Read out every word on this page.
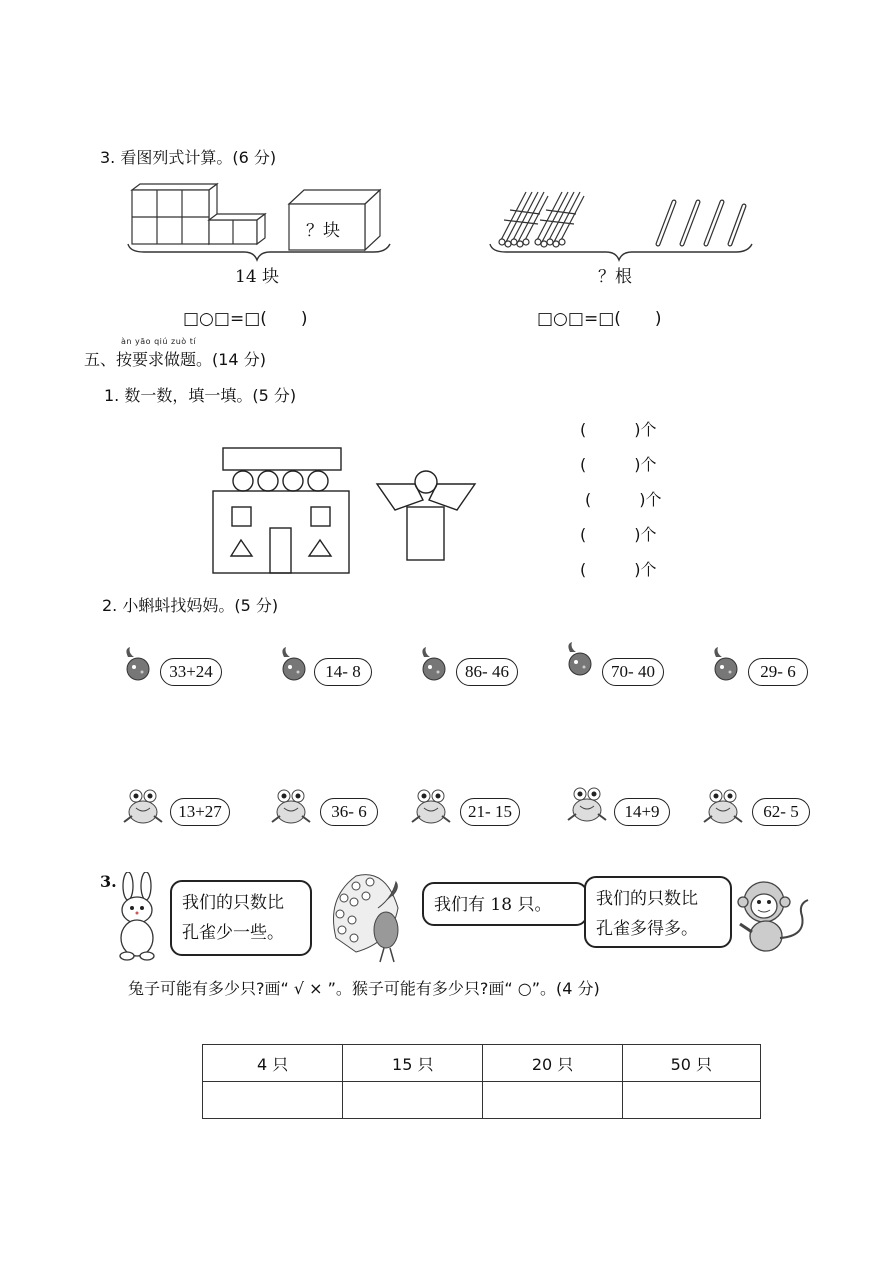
3. 看图列式计算。(6 分)
？块
14 块
□○□=□(　　)
？根
□○□=□(　　)
àn yāo qiú zuò tí
五、按要求做题。(14 分)
1. 数一数，填一填。(5 分)
(　　　)个
(　　　)个
(　　　)个
(　　　)个
(　　　)个
2. 小蝌蚪找妈妈。(5 分)
33+24	14- 8	86- 46	70- 40	29- 6
13+27	36- 6	21- 15	14+9	62- 5
3.
我们的只数比
孔雀少一些。
我们有 18 只。	我们的只数比
孔雀多得多。
兔子可能有多少只?画“ √ × ”。猴子可能有多少只?画“ ○”。(4 分)
4 只	15 只	20 只	50 只
